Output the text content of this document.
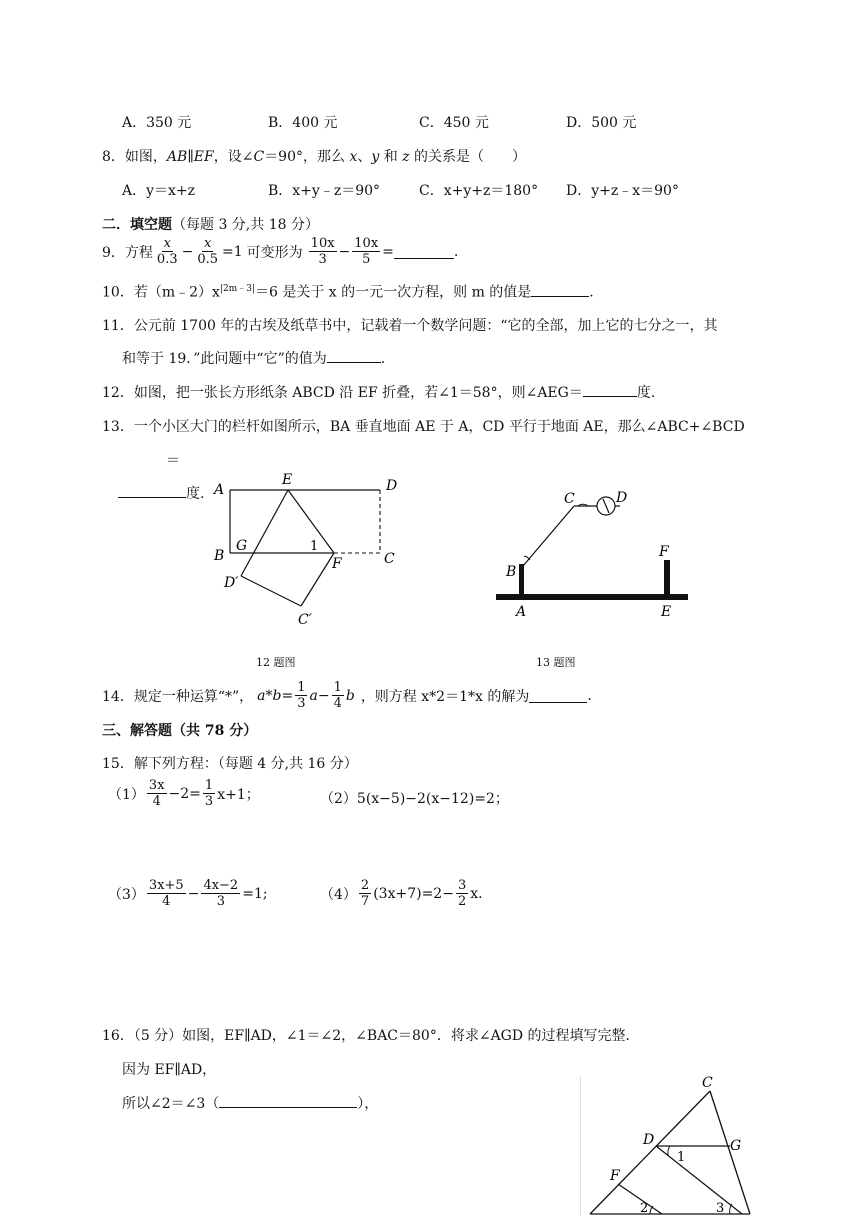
A．350 元	B．400 元	C．450 元	D．500 元
8．如图，AB∥EF，设∠C＝90°，那么 x、y 和 z 的关系是（　　）
A．y＝x+z	B．x+y﹣z＝90°	C．x+y+z＝180° D．y+z﹣x＝90°
二．填空题（每题 3 分,共 18 分）
9．方程 $\frac{x}{0.3} - \frac{x}{0.5} =1$ 可变形为 $\frac{10x}{3} - \frac{10x}{5}$ =	.
10．若$(m﹣2)x^{|2m﹣3|}=6$ 是关于 x 的一元一次方程，则 m 的值是	.
11．公元前 1700 年的古埃及纸草书中，记载着一个数学问题：“它的全部，加上它的七分之一，其
和等于 19．”此问题中“它”的值为	.
12．如图，把一张长方形纸条 ABCD 沿 EF 折叠，若∠1＝58°，则∠AEG＝	度.
13．一个小区大门的栏杆如图所示，BA 垂直地面 AE 于 A，CD 平行于地面 AE，那么∠ABC+∠BCD
＝
度. A
E	D
B
G	1
F	C
D′
C′
C	D
B
F
A	E
12 题图	13 题图
14．规定一种运算“*”， $a*b= \frac{1}{3}$ $a - \frac{1}{4}$ b ，则方程 x*2＝1*x 的解为	.
三、解答题（共 78 分）
15．解下列方程：（每题 4 分,共 16 分）
$(1) \frac{3x}{4} -2= \frac{1}{3} x+1$；	（2）5(x−5)−2(x−12)=2；
$(3) \frac{3x+5}{4} - \frac{4x-2}{3} =1$;	$(4) \frac{2}{7} (3x+7)=2- \frac{3}{2} x$.
16．（5 分）如图，EF∥AD，∠1＝∠2，∠BAC＝80°．将求∠AGD 的过程填写完整．
因为 EF∥AD，
所以∠2＝∠3（	），
C
D	G
1
F
2	3
